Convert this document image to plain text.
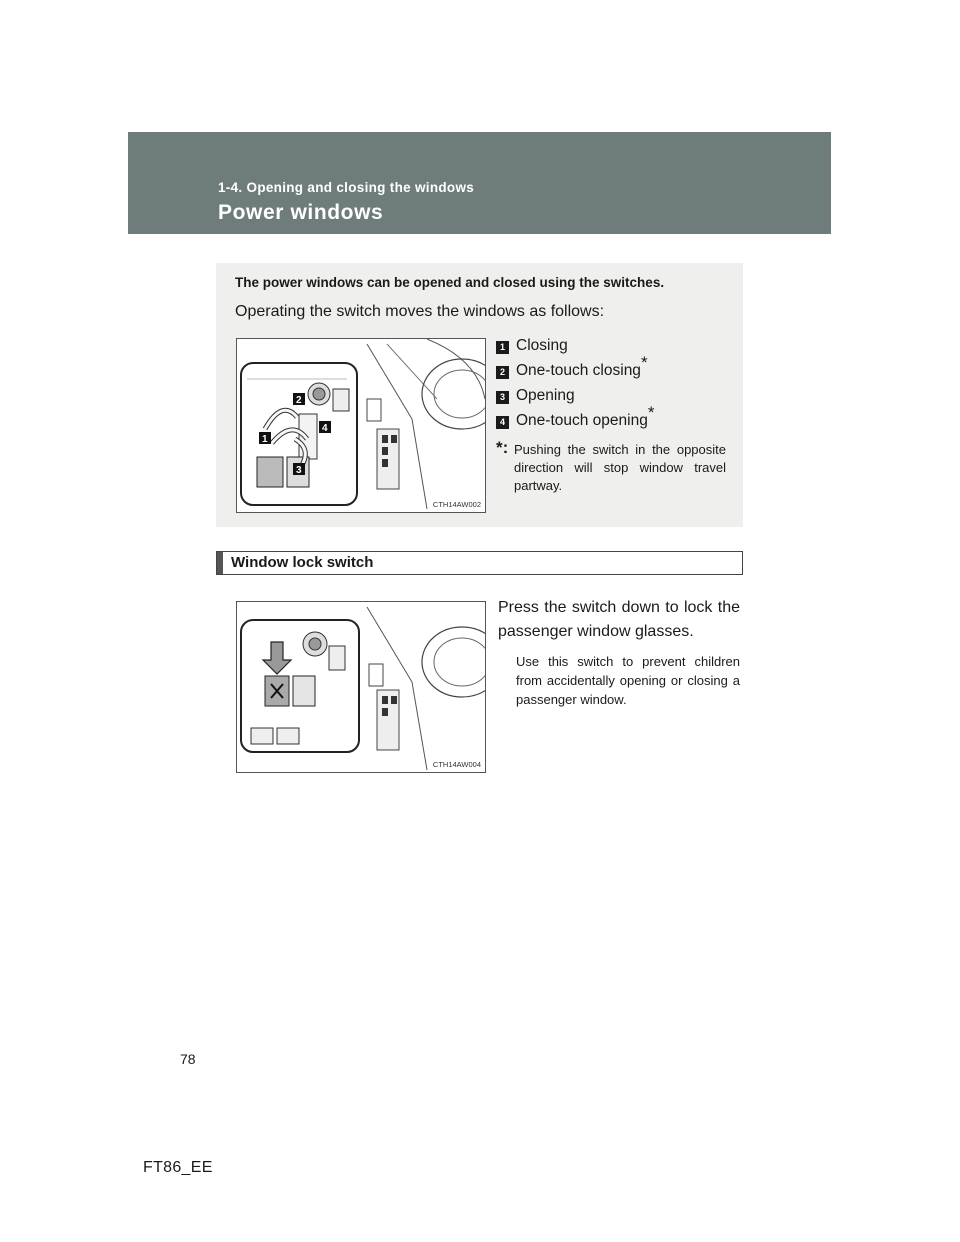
1-4. Opening and closing the windows
Power windows
The power windows can be opened and closed using the switches.
Operating the switch moves the windows as follows:
2
1
4
3
CTH14AW002
1 Closing
2 One-touch closing*
3 Opening
4 One-touch opening*
*: Pushing the switch in the opposite direction will stop window travel partway.
Window lock switch
CTH14AW004
Press the switch down to lock the passenger window glasses.
Use this switch to prevent children from accidentally opening or closing a passenger window.
78
FT86_EE
